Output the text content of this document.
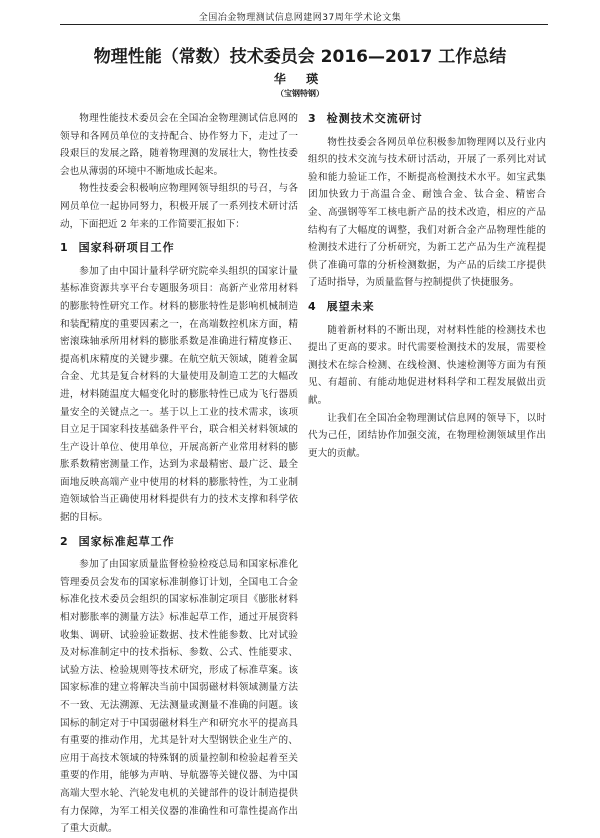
全国冶金物理测试信息网建网37周年学术论文集
物理性能（常数）技术委员会 2016—2017 工作总结
华 瑛
（宝钢特钢）

物理性能技术委员会在全国冶金物理测试信息网的领导和各网员单位的支持配合、协作努力下，走过了一段艰巨的发展之路，随着物理测的发展壮大，物性技委会也从薄弱的环境中不断地成长起来。

物性技委会积极响应物理网领导组织的号召，与各网员单位一起协同努力，积极开展了一系列技术研讨活动，下面把近 2 年来的工作简要汇报如下：

1 国家科研项目工作

参加了由中国计量科学研究院牵头组织的国家计量基标准资源共享平台专题服务项目：高新产业常用材料的膨胀特性研究工作。材料的膨胀特性是影响机械制造和装配精度的重要因素之一，在高端数控机床方面，精密滚珠轴承所用材料的膨胀系数是准确进行精度修正、提高机床精度的关键步骤。在航空航天领域，随着金属合金、尤其是复合材料的大量使用及制造工艺的大幅改进，材料随温度大幅变化时的膨胀特性已成为飞行器质量安全的关键点之一。基于以上工业的技术需求，该项目立足于国家科技基础条件平台，联合相关材料领域的生产设计单位、使用单位，开展高新产业常用材料的膨胀系数精密测量工作，达到为求最精密、最广泛、最全面地反映高端产业中使用的材料的膨胀特性，为工业制造领域恰当正确使用材料提供有力的技术支撑和科学依据的目标。

2 国家标准起草工作

参加了由国家质量监督检验检疫总局和国家标准化管理委员会发布的国家标准制修订计划，全国电工合金标准化技术委员会组织的国家标准制定项目《膨胀材料相对膨胀率的测量方法》标准起草工作，通过开展资料收集、调研、试验验证数据、技术性能参数、比对试验及对标准制定中的技术指标、参数、公式、性能要求、试验方法、检验规则等技术研究，形成了标准草案。该国家标准的建立将解决当前中国弱磁材料领域测量方法不一致、无法溯源、无法测量或测量不准确的问题。该国标的制定对于中国弱磁材料生产和研究水平的提高具有重要的推动作用，尤其是针对大型钢铁企业生产的、应用于高技术领域的特殊钢的质量控制和检验起着至关重要的作用，能够为声呐、导航器等关键仪器、为中国高端大型水轮、汽轮发电机的关键部件的设计制造提供有力保障，为军工相关仪器的准确性和可靠性提高作出了重大贡献。

3 检测技术交流研讨

物性技委会各网员单位积极参加物理网以及行业内组织的技术交流与技术研讨活动，开展了一系列比对试验和能力验证工作，不断提高检测技术水平。如宝武集团加快致力于高温合金、耐蚀合金、钛合金、精密合金、高强钢等军工核电新产品的技术改造，相应的产品结构有了大幅度的调整，我们对新合金产品物理性能的检测技术进行了分析研究，为新工艺产品为生产流程提供了准确可靠的分析检测数据，为产品的后续工序提供了适时指导，为质量监督与控制提供了快捷服务。

4 展望未来

随着新材料的不断出现，对材料性能的检测技术也提出了更高的要求。时代需要检测技术的发展，需要检测技术在综合检测、在线检测、快速检测等方面为有预见、有超前、有能动地促进材料科学和工程发展做出贡献。

让我们在全国冶金物理测试信息网的领导下，以时代为己任，团结协作加强交流，在物理检测领域里作出更大的贡献。
